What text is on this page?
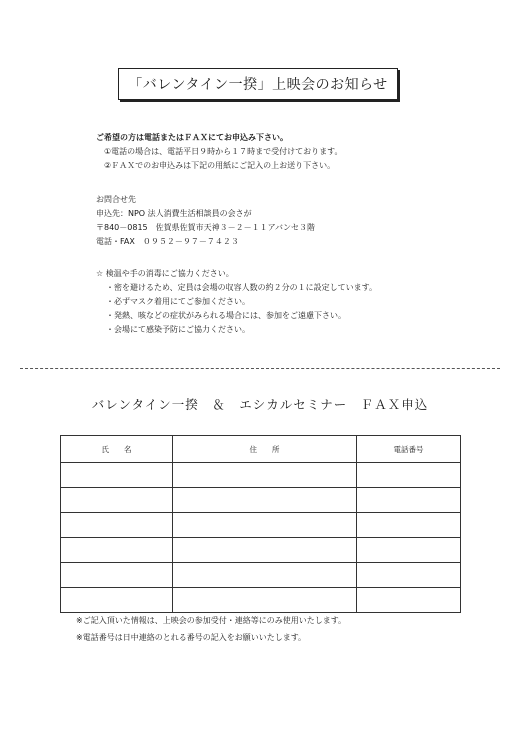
「バレンタイン一揆」上映会のお知らせ
ご希望の方は電話またはＦＡＸにてお申込み下さい。
①電話の場合は、電話平日９時から１７時まで受付けております。
②ＦＡＸでのお申込みは下記の用紙にご記入の上お送り下さい。
お問合せ先
申込先：NPO 法人消費生活相談員の会さが
〒840－0815　佐賀県佐賀市天神３－２－１１アバンセ３階
電話・FAX　０９５２－９７－７４２３
☆ 検温や手の消毒にご協力ください。
・密を避けるため、定員は会場の収容人数の約２分の１に設定しています。
・必ずマスク着用にてご参加ください。
・発熱、咳などの症状がみられる場合には、参加をご遠慮下さい。
・会場にて感染予防にご協力ください。
バレンタイン一揆　＆　エシカルセミナー　ＦＡＸ申込
氏　　名	住　　所	電話番号

※ご記入頂いた情報は、上映会の参加受付・連絡等にのみ使用いたします。
※電話番号は日中連絡のとれる番号の記入をお願いいたします。
